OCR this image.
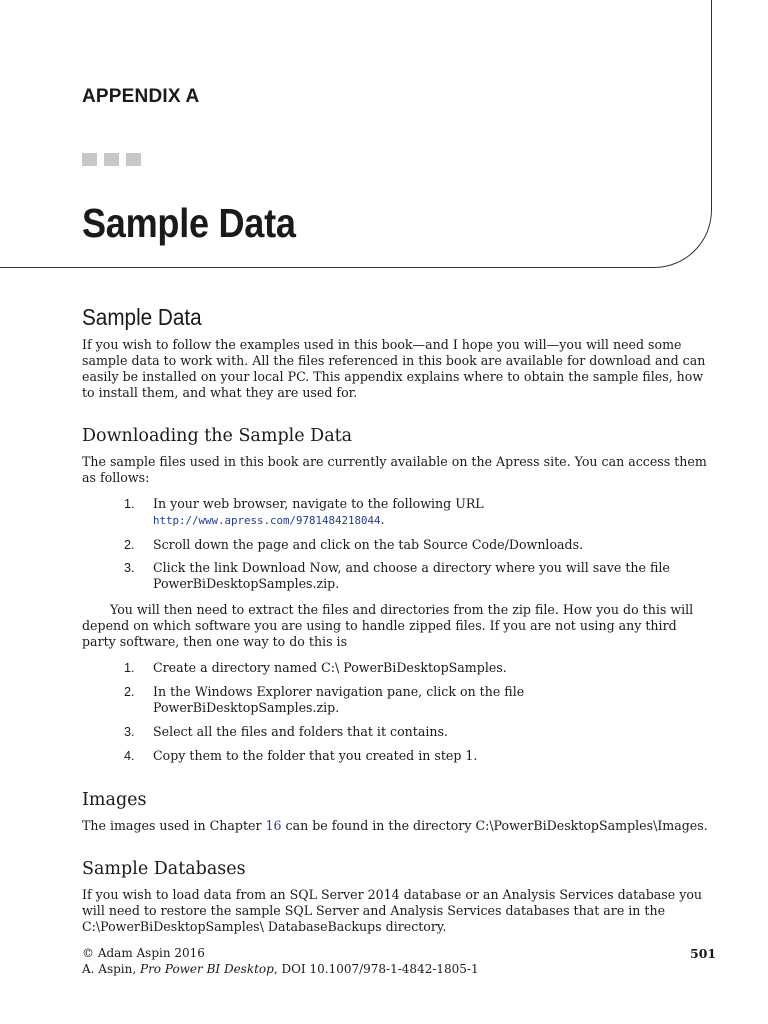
APPENDIX A
Sample Data
Sample Data

If you wish to follow the examples used in this book—and I hope you will—you will need some sample data to work with. All the files referenced in this book are available for download and can easily be installed on your local PC. This appendix explains where to obtain the sample files, how to install them, and what they are used for.

Downloading the Sample Data

The sample files used in this book are currently available on the Apress site. You can access them as follows:

1. In your web browser, navigate to the following URL
http://www.apress.com/9781484218044.
2. Scroll down the page and click on the tab Source Code/Downloads.
3. Click the link Download Now, and choose a directory where you will save the file
PowerBiDesktopSamples.zip.

You will then need to extract the files and directories from the zip file. How you do this will depend on which software you are using to handle zipped files. If you are not using any third party software, then one way to do this is

1. Create a directory named C:\ PowerBiDesktopSamples.
2. In the Windows Explorer navigation pane, click on the file
PowerBiDesktopSamples.zip.
3. Select all the files and folders that it contains.
4. Copy them to the folder that you created in step 1.
Images

The images used in Chapter 16 can be found in the directory C:\PowerBiDesktopSamples\Images.

Sample Databases

If you wish to load data from an SQL Server 2014 database or an Analysis Services database you will need to restore the sample SQL Server and Analysis Services databases that are in the C:\PowerBiDesktopSamples\ DatabaseBackups directory.

© Adam Aspin 2016

A. Aspin, Pro Power BI Desktop, DOI 10.1007/978-1-4842-1805-1

501
